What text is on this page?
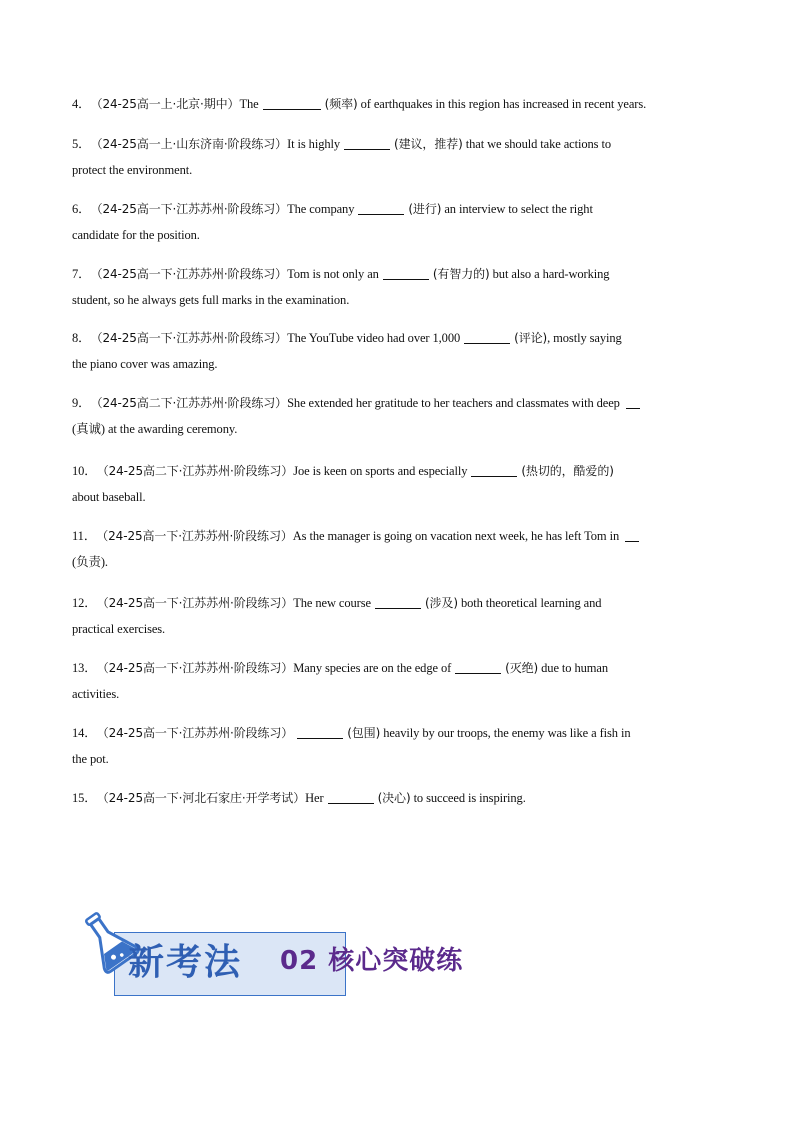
4． （24-25高一上·北京·期中）The	(频率) of earthquakes in this region has increased in recent years.
5． （24-25高一上·山东济南·阶段练习）It is highly	(建议，推荐) that we should take actions to
protect the environment.
6． （24-25高一下·江苏苏州·阶段练习）The company	(进行) an interview to select the right
candidate for the position.
7． （24-25高一下·江苏苏州·阶段练习）Tom is not only an	(有智力的) but also a hard-working
student, so he always gets full marks in the examination.
8． （24-25高一下·江苏苏州·阶段练习）The YouTube video had over 1,000	(评论), mostly saying
the piano cover was amazing.
9． （24-25高二下·江苏苏州·阶段练习）She extended her gratitude to her teachers and classmates with deep
(真诚) at the awarding ceremony.
10． （24-25高二下·江苏苏州·阶段练习）Joe is keen on sports and especially	(热切的，酷爱的)
about baseball.
11． （24-25高一下·江苏苏州·阶段练习）As the manager is going on vacation next week, he has left Tom in
(负责).
12． （24-25高一下·江苏苏州·阶段练习）The new course	(涉及) both theoretical learning and
practical exercises.
13． （24-25高一下·江苏苏州·阶段练习）Many species are on the edge of	(灭绝) due to human
activities.
14． （24-25高一下·江苏苏州·阶段练习）	(包围) heavily by our troops, the enemy was like a fish in
the pot.
15． （24-25高一下·河北石家庄·开学考试）Her	(决心) to succeed is inspiring.
新考法 02 核心突破练
